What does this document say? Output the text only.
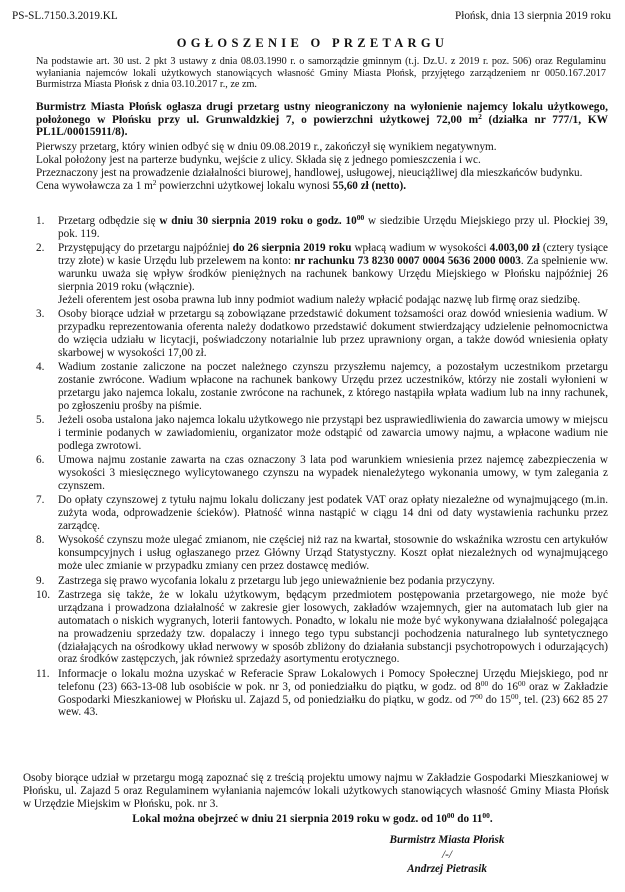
PS-SL.7150.3.2019.KL	Płońsk, dnia 13 sierpnia 2019 roku
OGŁOSZENIE O PRZETARGU
Na podstawie art. 30 ust. 2 pkt 3 ustawy z dnia 08.03.1990 r. o samorządzie gminnym (t.j. Dz.U. z 2019 r. poz. 506) oraz Regulaminu wyłaniania najemców lokali użytkowych stanowiących własność Gminy Miasta Płońsk, przyjętego zarządzeniem nr 0050.167.2017 Burmistrza Miasta Płońsk z dnia 03.10.2017 r., ze zm.
Burmistrz Miasta Płońsk ogłasza drugi przetarg ustny nieograniczony na wyłonienie najemcy lokalu użytkowego, położonego w Płońsku przy ul. Grunwaldzkiej 7, o powierzchni użytkowej 72,00 $m^2$ (działka nr 777/1, KW PL1L/00015911/8).

Pierwszy przetarg, który winien odbyć się w dniu 09.08.2019 r., zakończył się wynikiem negatywnym.

Lokal położony jest na parterze budynku, wejście z ulicy. Składa się z jednego pomieszczenia i wc.

Przeznaczony jest na prowadzenie działalności biurowej, handlowej, usługowej, nieuciążliwej dla mieszkańców budynku.

Cena wywoławcza za 1 $m^2$ powierzchni użytkowej lokalu wynosi 55,60 zł (netto).

1. Przetarg odbędzie się w dniu 30 sierpnia 2019 roku o godz. $10^{00}$ w siedzibie Urzędu Miejskiego przy ul. Płockiej 39, pok. 119.
2. Przystępujący do przetargu najpóźniej do 26 sierpnia 2019 roku wpłacą wadium w wysokości 4.003,00 zł (cztery tysiące trzy złote) w kasie Urzędu lub przelewem na konto: nr rachunku 73 8230 0007 0004 5636 2000 0003. Za spełnienie ww. warunku uważa się wpływ środków pieniężnych na rachunek bankowy Urzędu Miejskiego w Płońsku najpóźniej 26 sierpnia 2019 roku (włącznie).
Jeżeli oferentem jest osoba prawna lub inny podmiot wadium należy wpłacić podając nazwę lub firmę oraz siedzibę.
3. Osoby biorące udział w przetargu są zobowiązane przedstawić dokument tożsamości oraz dowód wniesienia wadium. W przypadku reprezentowania oferenta należy dodatkowo przedstawić dokument stwierdzający udzielenie pełnomocnictwa do wzięcia udziału w licytacji, poświadczony notarialnie lub przez uprawniony organ, a także dowód wniesienia opłaty skarbowej w wysokości 17,00 zł.
4. Wadium zostanie zaliczone na poczet należnego czynszu przyszłemu najemcy, a pozostałym uczestnikom przetargu zostanie zwrócone. Wadium wpłacone na rachunek bankowy Urzędu przez uczestników, którzy nie zostali wyłonieni w przetargu jako najemca lokalu, zostanie zwrócone na rachunek, z którego nastąpiła wpłata wadium lub na inny rachunek, po zgłoszeniu prośby na piśmie.
5. Jeżeli osoba ustalona jako najemca lokalu użytkowego nie przystąpi bez usprawiedliwienia do zawarcia umowy w miejscu i terminie podanych w zawiadomieniu, organizator może odstąpić od zawarcia umowy najmu, a wpłacone wadium nie podlega zwrotowi.
6. Umowa najmu zostanie zawarta na czas oznaczony 3 lata pod warunkiem wniesienia przez najemcę zabezpieczenia w wysokości 3 miesięcznego wylicytowanego czynszu na wypadek nienależytego wykonania umowy, w tym zalegania z czynszem.
7. Do opłaty czynszowej z tytułu najmu lokalu doliczany jest podatek VAT oraz opłaty niezależne od wynajmującego (m.in. zużyta woda, odprowadzenie ścieków). Płatność winna nastąpić w ciągu 14 dni od daty wystawienia rachunku przez zarządcę.
8. Wysokość czynszu może ulegać zmianom, nie częściej niż raz na kwartał, stosownie do wskaźnika wzrostu cen artykułów konsumpcyjnych i usług ogłaszanego przez Główny Urząd Statystyczny. Koszt opłat niezależnych od wynajmującego może ulec zmianie w przypadku zmiany cen przez dostawcę mediów.
9. Zastrzega się prawo wycofania lokalu z przetargu lub jego unieważnienie bez podania przyczyny.
10. Zastrzega się także, że w lokalu użytkowym, będącym przedmiotem postępowania przetargowego, nie może być urządzana i prowadzona działalność w zakresie gier losowych, zakładów wzajemnych, gier na automatach lub gier na automatach o niskich wygranych, loterii fantowych. Ponadto, w lokalu nie może być wykonywana działalność polegająca na prowadzeniu sprzedaży tzw. dopalaczy i innego tego typu substancji pochodzenia naturalnego lub syntetycznego (działających na ośrodkowy układ nerwowy w sposób zbliżony do działania substancji psychotropowych i odurzających) oraz środków zastępczych, jak również sprzedaży asortymentu erotycznego.
11. Informacje o lokalu można uzyskać w Referacie Spraw Lokalowych i Pomocy Społecznej Urzędu Miejskiego, pod nr telefonu (23) 663-13-08 lub osobiście w pok. nr 3, od poniedziałku do piątku, w godz. od $8^{00}$ do $16^{00}$ oraz w Zakładzie Gospodarki Mieszkaniowej w Płońsku ul. Zajazd 5, od poniedziałku do piątku, w godz. od $7^{00}$ do $15^{00}$, tel. (23) 662 85 27 wew. 43.
Osoby biorące udział w przetargu mogą zapoznać się z treścią projektu umowy najmu w Zakładzie Gospodarki Mieszkaniowej w Płońsku, ul. Zajazd 5 oraz Regulaminem wyłaniania najemców lokali użytkowych stanowiących własność Gminy Miasta Płońsk w Urzędzie Miejskim w Płońsku, pok. nr 3.
Lokal można obejrzeć w dniu 21 sierpnia 2019 roku w godz. od $10^{00}$ do $11^{00}$.
Burmistrz Miasta Płońsk
/-/
Andrzej Pietrasik
